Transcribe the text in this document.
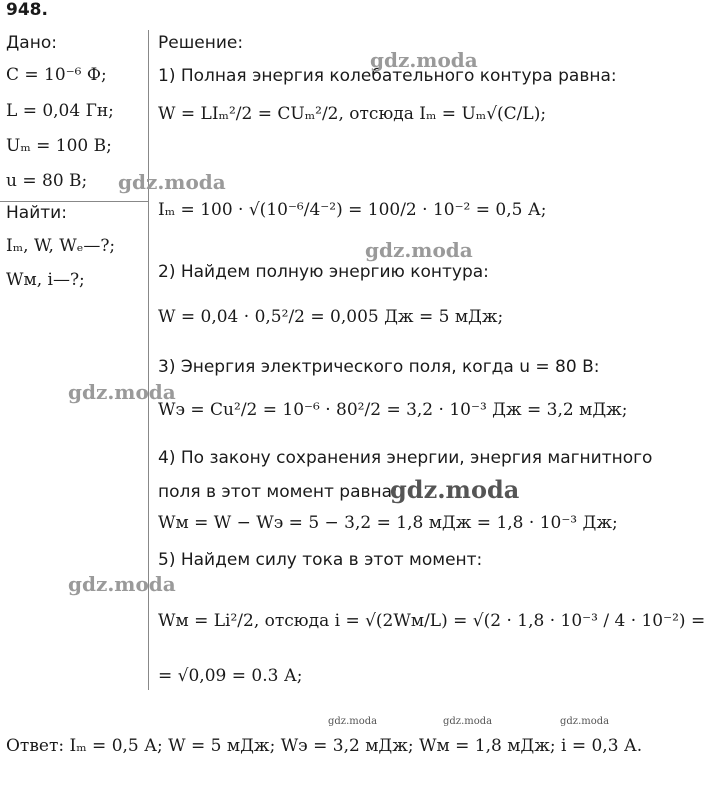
948.
Дано:
C = 10⁻⁶ Ф;
L = 0,04 Гн;
Uₘ = 100 В;
u = 80 В;
Найти:
Iₘ, W, Wₑ—?;
Wм, i—?;
Решение:
1) Полная энергия колебательного контура равна:
W = LIₘ²/2 = CUₘ²/2, отсюда Iₘ = Uₘ√(C/L);
Iₘ = 100 · √(10⁻⁶/4⁻²) = 100/2 · 10⁻² = 0,5 А;
2) Найдем полную энергию контура:
W = 0,04 · 0,5²/2 = 0,005 Дж = 5 мДж;
3) Энергия электрического поля, когда u = 80 В:
Wэ = Cu²/2 = 10⁻⁶ · 80²/2 = 3,2 · 10⁻³ Дж = 3,2 мДж;
4) По закону сохранения энергии, энергия магнитного
поля в этот момент равна:
Wм = W − Wэ = 5 − 3,2 = 1,8 мДж = 1,8 · 10⁻³ Дж;
5) Найдем силу тока в этот момент:
Wм = Li²/2, отсюда i = √(2Wм/L) = √(2 · 1,8 · 10⁻³ / 4 · 10⁻²) =
= √0,09 = 0.3 А;
Ответ: Iₘ = 0,5 А; W = 5 мДж; Wэ = 3,2 мДж; Wм = 1,8 мДж; i = 0,3 А.
gdz.moda
gdz.moda
gdz.moda
gdz.moda
gdz.moda
gdz.moda
gdz.moda	gdz.moda	gdz.moda
